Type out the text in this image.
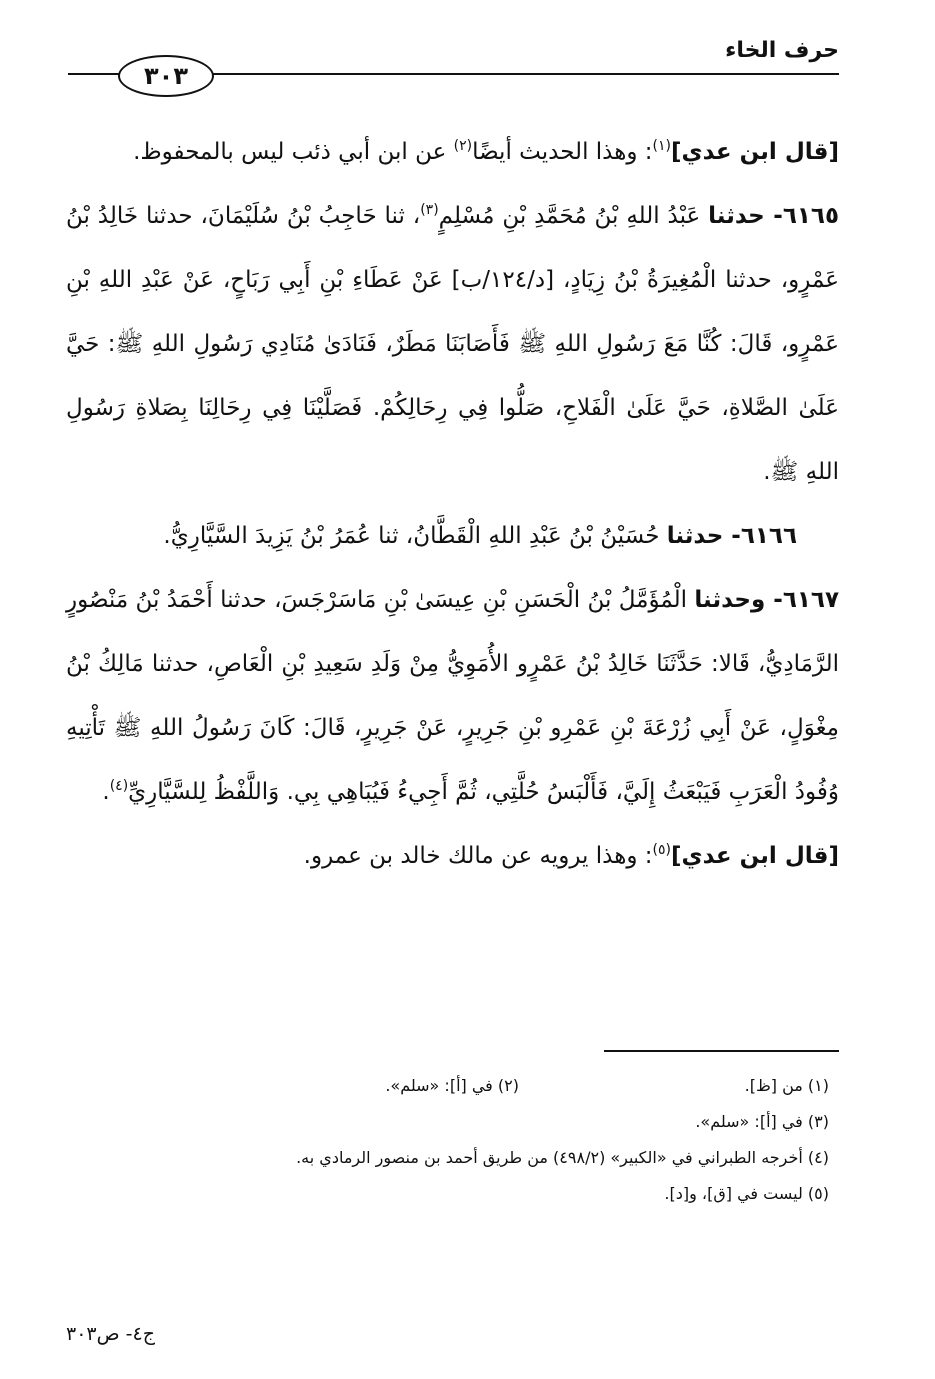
حرف الخاء
٣٠٣

[قال ابن عدي]$^{(١)}$: وهذا الحديث أيضًا$^{(٢)}$ عن ابن أبي ذئب ليس بالمحفوظ.

٦١٦٥- حدثنا عَبْدُ اللهِ بْنُ مُحَمَّدِ بْنِ مُسْلِمٍ$^{(٣)}$، ثنا حَاجِبُ بْنُ سُلَيْمَانَ، حدثنا خَالِدُ بْنُ عَمْرٍو، حدثنا الْمُغِيرَةُ بْنُ زِيَادٍ، [د/١٢٤/ب] عَنْ عَطَاءِ بْنِ أَبِي رَبَاحٍ، عَنْ عَبْدِ اللهِ بْنِ عَمْرٍو، قَالَ: كُنَّا مَعَ رَسُولِ اللهِ ﷺ فَأَصَابَنَا مَطَرٌ، فَنَادَىٰ مُنَادِي رَسُولِ اللهِ ﷺ: حَيَّ عَلَىٰ الصَّلاةِ، حَيَّ عَلَىٰ الْفَلاحِ، صَلُّوا فِي رِحَالِكُمْ. فَصَلَّيْنَا فِي رِحَالِنَا بِصَلاةِ رَسُولِ اللهِ ﷺ.

٦١٦٦- حدثنا حُسَيْنُ بْنُ عَبْدِ اللهِ الْقَطَّانُ، ثنا عُمَرُ بْنُ يَزِيدَ السَّيَّارِيُّ.

٦١٦٧- وحدثنا الْمُؤَمَّلُ بْنُ الْحَسَنِ بْنِ عِيسَىٰ بْنِ مَاسَرْجَسَ، حدثنا أَحْمَدُ بْنُ مَنْصُورٍ الرَّمَادِيُّ، قَالا: حَدَّثَنَا خَالِدُ بْنُ عَمْرٍو الأُمَوِيُّ مِنْ وَلَدِ سَعِيدِ بْنِ الْعَاصِ، حدثنا مَالِكُ بْنُ مِغْوَلٍ، عَنْ أَبِي زُرْعَةَ بْنِ عَمْرِو بْنِ جَرِيرٍ، عَنْ جَرِيرٍ، قَالَ: كَانَ رَسُولُ اللهِ ﷺ تَأْتِيهِ وُفُودُ الْعَرَبِ فَيَبْعَثُ إِلَيَّ، فَأَلْبَسُ حُلَّتِي، ثُمَّ أَجِيءُ فَيُبَاهِي بِي. وَاللَّفْظُ لِلسَّيَّارِيِّ$^{(٤)}$.

[قال ابن عدي]$^{(٥)}$: وهذا يرويه عن مالك خالد بن عمرو.

(١) من [ظ].
(٢) في [أ]: «سلم».
(٣) في [أ]: «سلم».
(٤) أخرجه الطبراني في «الكبير» (٤٩٨/٢) من طريق أحمد بن منصور الرمادي به.
(٥) ليست في [ق]، و[د].
ج٤- ص٣٠٣
